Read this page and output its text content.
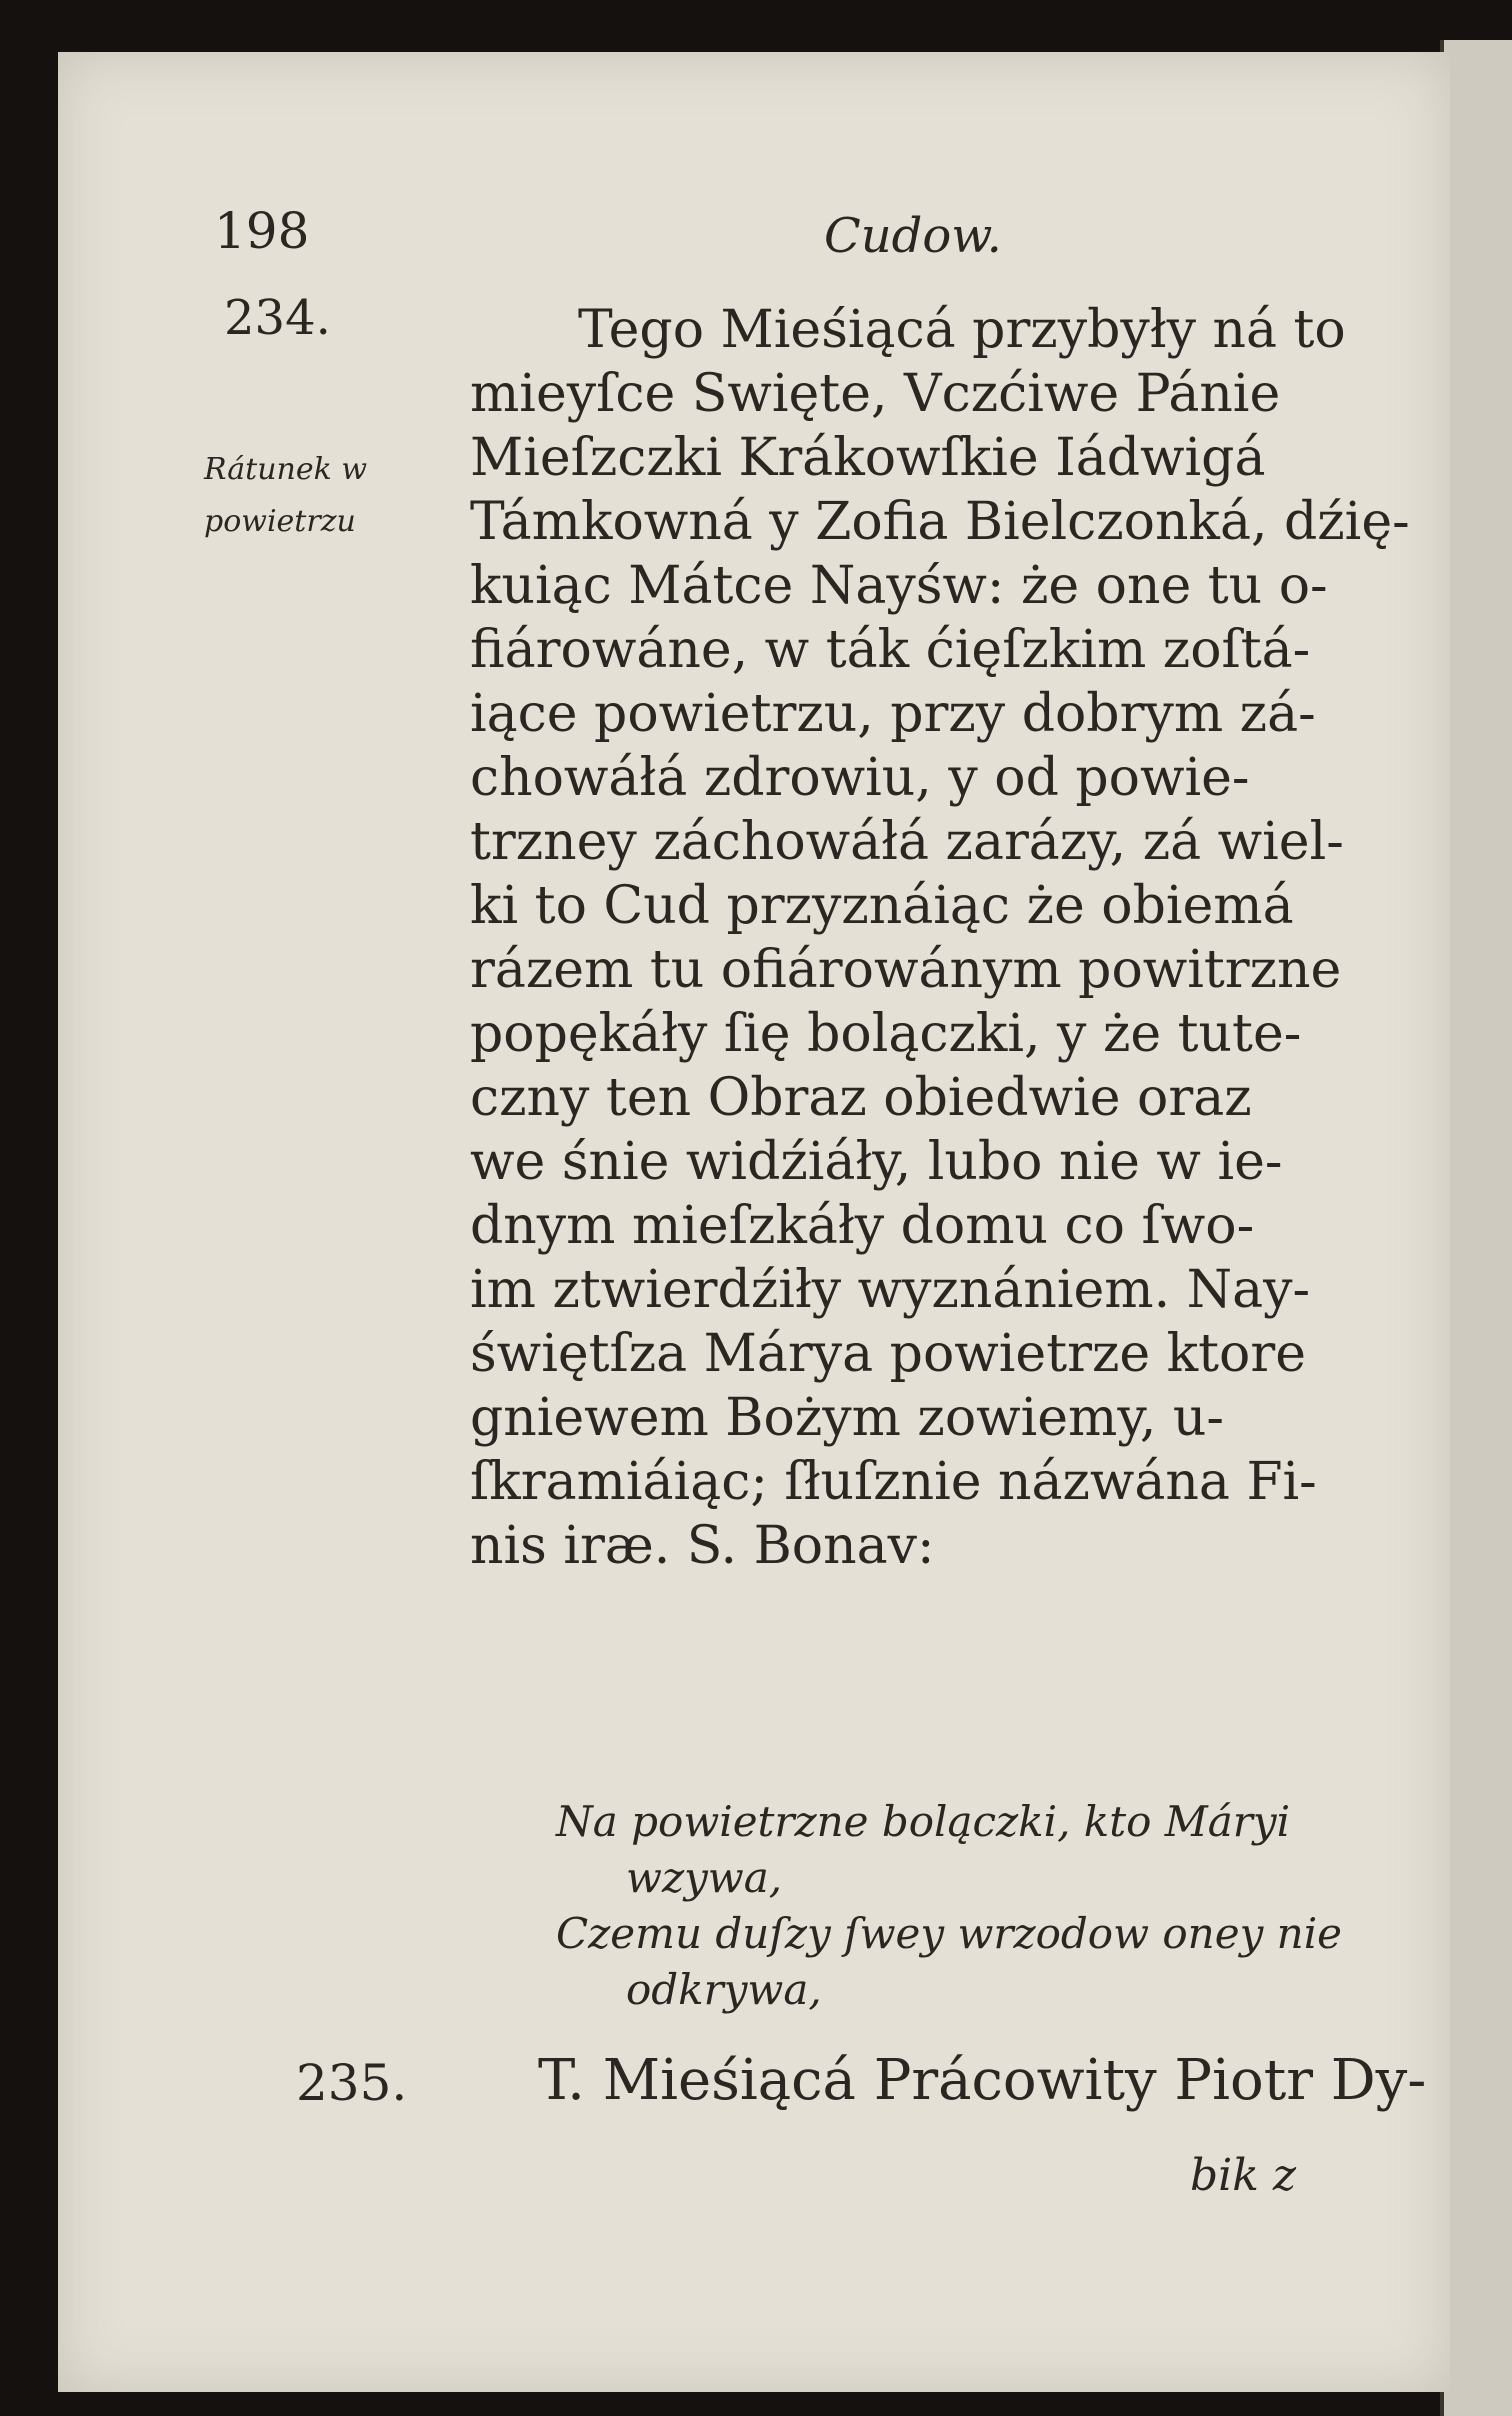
198	Cudow.
234.
Rátunek w
powietrzu
Tego Mieśiącá przybyły ná to
mieyſce Swięte, Vczćiwe Pánie
Mieſzczki Krákowſkie Iádwigá
Támkowná y Zofia Bielczonká, dźię-
kuiąc Mátce Nayśw: że one tu o-
fiárowáne, w ták ćięſzkim zoſtá-
iące powietrzu, przy dobrym zá-
chowáłá zdrowiu, y od powie-
trzney záchowáłá zarázy, zá wiel-
ki to Cud przyznáiąc że obiemá
rázem tu ofiárowánym powitrzne
popękáły ſię bolączki, y że tute-
czny ten Obraz obiedwie oraz
we śnie widźiáły, lubo nie w ie-
dnym mieſzkáły domu co ſwo-
im ztwierdźiły wyznániem. Nay-
świętſza Márya powietrze ktore
gniewem Bożym zowiemy, u-
ſkramiáiąc; ſłuſznie názwána Fi-
nis iræ. S. Bonav:
Na powietrzne bolączki, kto Máryi
wzywa,
Czemu duſzy ſwey wrzodow oney nie
odkrywa,
235. T. Mieśiącá Prácowity Piotr Dy-
bik z
